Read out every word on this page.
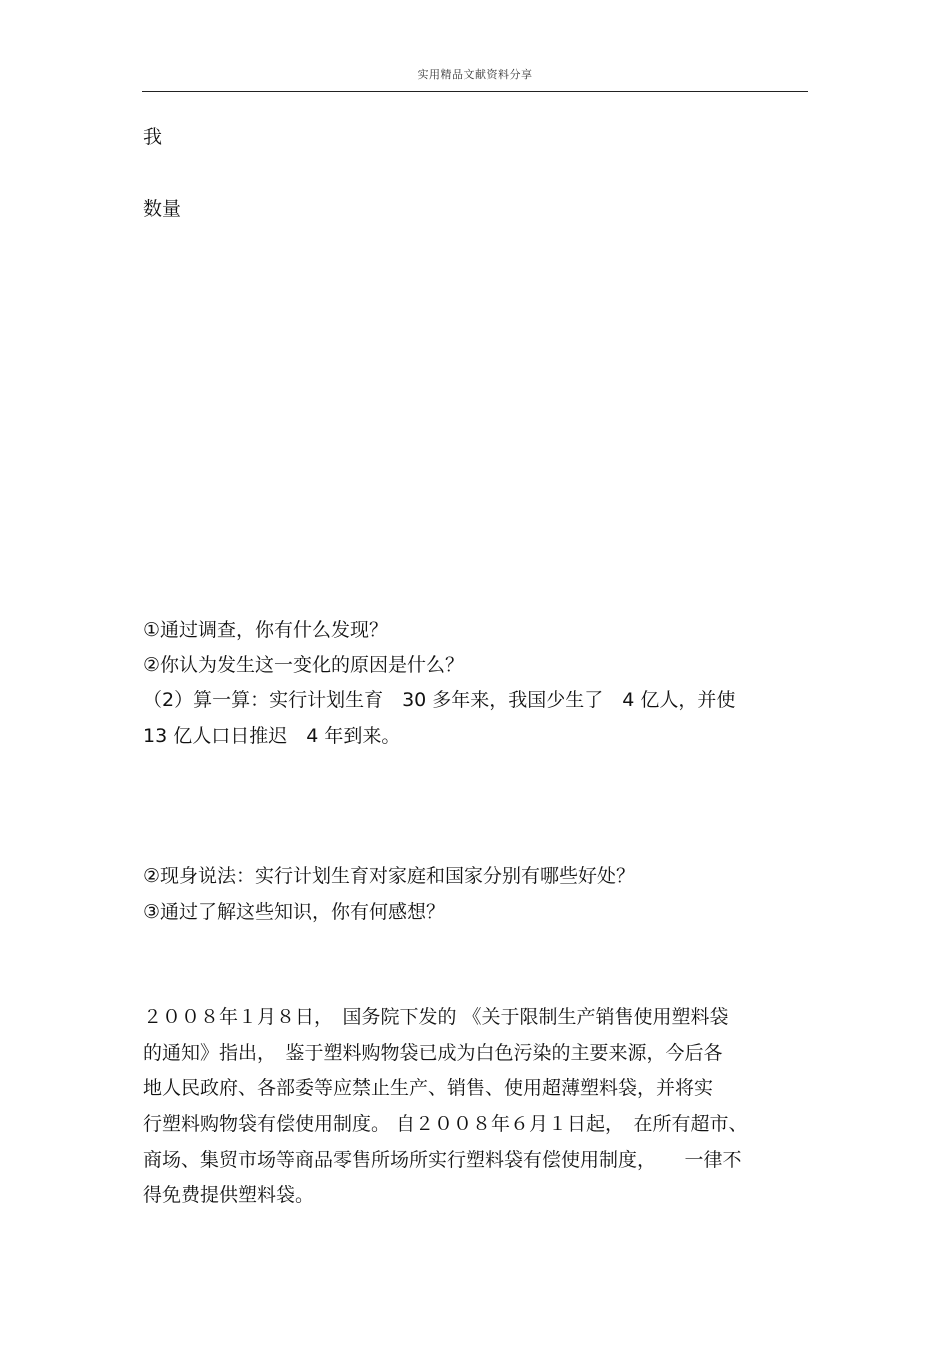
实用精品文献资料分享
我
数量
①通过调查，你有什么发现？
②你认为发生这一变化的原因是什么？
（2）算一算：实行计划生育　30 多年来，我国少生了　4 亿人，并使
13 亿人口日推迟　4 年到来。
②现身说法：实行计划生育对家庭和国家分别有哪些好处？
③通过了解这些知识，你有何感想？
２００８年１月８日，　国务院下发的 《关于限制生产销售使用塑料袋
的通知》指出，　鉴于塑料购物袋已成为白色污染的主要来源，今后各
地人民政府、各部委等应禁止生产、销售、使用超薄塑料袋，并将实
行塑料购物袋有偿使用制度。 自２００８年６月１日起，　在所有超市、
商场、集贸市场等商品零售所场所实行塑料袋有偿使用制度，　　一律不
得免费提供塑料袋。
